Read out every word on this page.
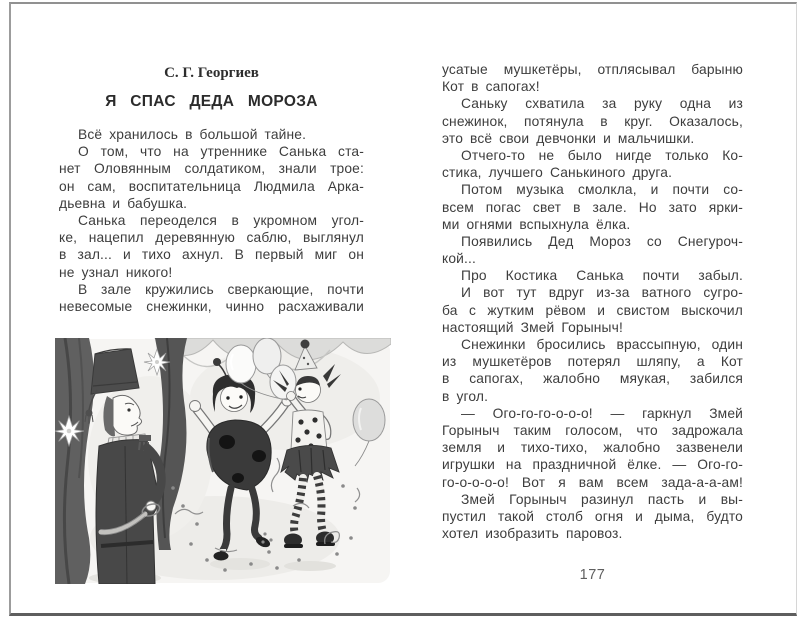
С. Г. Георгиев
Я СПАС ДЕДА МОРОЗА
Всё хранилось в большой тайне.
О том, что на утреннике Санька ста-
нет Оловянным солдатиком, знали трое:
он сам, воспитательница Людмила Арка-
дьевна и бабушка.
Санька переоделся в укромном угол-
ке, нацепил деревянную саблю, выглянул
в зал... и тихо ахнул. В первый миг он
не узнал никого!
В зале кружились сверкающие, почти
невесомые снежинки, чинно расхаживали
усатые мушкетёры, отплясывал барыню
Кот в сапогах!
Саньку схватила за руку одна из
снежинок, потянула в круг. Оказалось,
это всё свои девчонки и мальчишки.
Отчего-то не было нигде только Ко-
стика, лучшего Санькиного друга.
Потом музыка смолкла, и почти со-
всем погас свет в зале. Но зато ярки-
ми огнями вспыхнула ёлка.
Появились Дед Мороз со Снегуроч-
кой...
Про Костика Санька почти забыл.
И вот тут вдруг из-за ватного сугро-
ба с жутким рёвом и свистом выскочил
настоящий Змей Горыныч!
Снежинки бросились врассыпную, один
из мушкетёров потерял шляпу, а Кот
в сапогах, жалобно мяукая, забился
в угол.
— Ого-го-го-о-о-о! — гаркнул Змей
Горыныч таким голосом, что задрожала
земля и тихо-тихо, жалобно зазвенели
игрушки на праздничной ёлке. — Ого-го-
го-о-о-о-о! Вот я вам всем зада-а-а-ам!
Змей Горыныч разинул пасть и вы-
пустил такой столб огня и дыма, будто
хотел изобразить паровоз.
177
